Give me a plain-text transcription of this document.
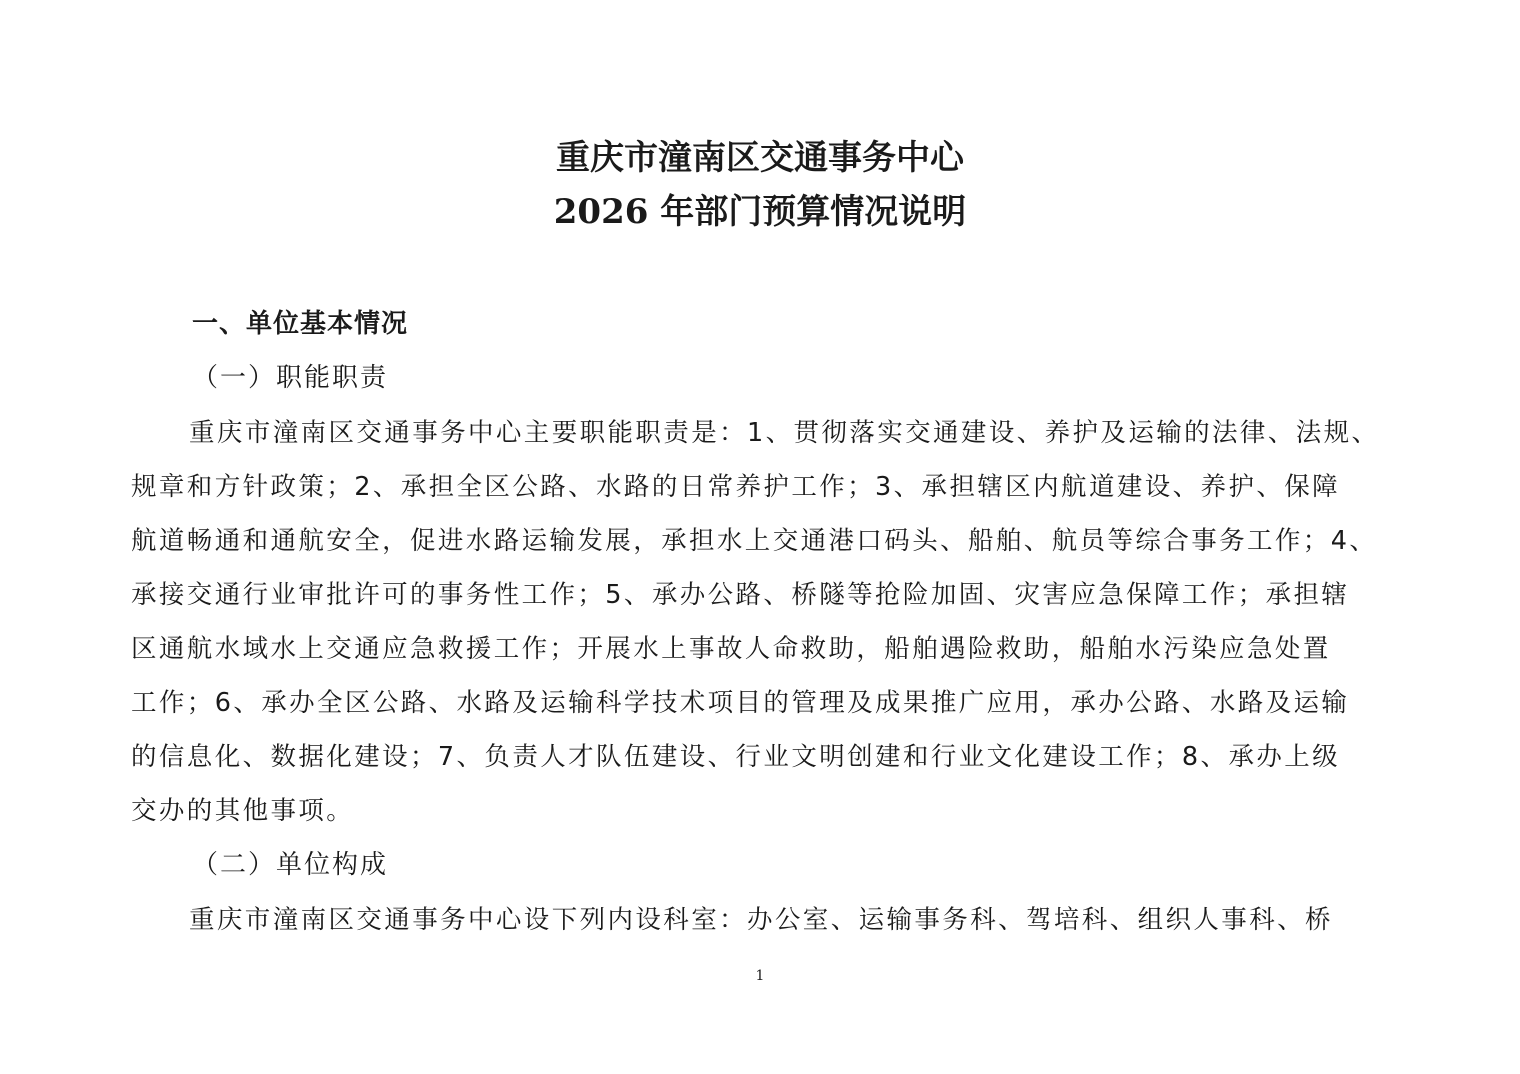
重庆市潼南区交通事务中心
2026 年部门预算情况说明
一、单位基本情况
（一）职能职责
重庆市潼南区交通事务中心主要职能职责是：1、贯彻落实交通建设、养护及运输的法律、法规、
规章和方针政策；2、承担全区公路、水路的日常养护工作；3、承担辖区内航道建设、养护、保障
航道畅通和通航安全，促进水路运输发展，承担水上交通港口码头、船舶、航员等综合事务工作；4、
承接交通行业审批许可的事务性工作；5、承办公路、桥隧等抢险加固、灾害应急保障工作；承担辖
区通航水域水上交通应急救援工作；开展水上事故人命救助，船舶遇险救助，船舶水污染应急处置
工作；6、承办全区公路、水路及运输科学技术项目的管理及成果推广应用，承办公路、水路及运输
的信息化、数据化建设；7、负责人才队伍建设、行业文明创建和行业文化建设工作；8、承办上级
交办的其他事项。
（二）单位构成
重庆市潼南区交通事务中心设下列内设科室：办公室、运输事务科、驾培科、组织人事科、桥
1
